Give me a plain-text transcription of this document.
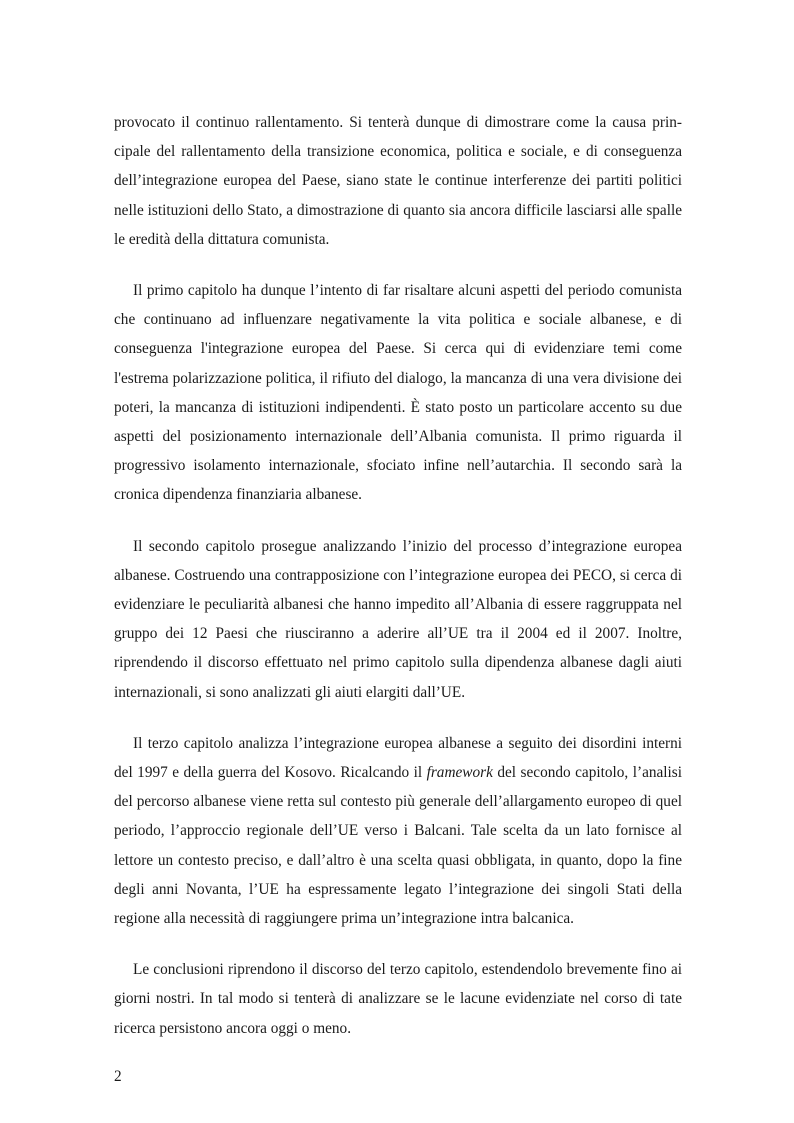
provocato il continuo rallentamento. Si tenterà dunque di dimostrare come la causa principale del rallentamento della transizione economica, politica e sociale, e di conseguenza dell’integrazione europea del Paese, siano state le continue interferenze dei partiti politici nelle istituzioni dello Stato, a dimostrazione di quanto sia ancora difficile lasciarsi alle spalle le eredità della dittatura comunista.

Il primo capitolo ha dunque l’intento di far risaltare alcuni aspetti del periodo comunista che continuano ad influenzare negativamente la vita politica e sociale albanese, e di conseguenza l'integrazione europea del Paese. Si cerca qui di evidenziare temi come l'estrema polarizzazione politica, il rifiuto del dialogo, la mancanza di una vera divisione dei poteri, la mancanza di istituzioni indipendenti. È stato posto un particolare accento su due aspetti del posizionamento internazionale dell’Albania comunista. Il primo riguarda il progressivo isolamento internazionale, sfociato infine nell’autarchia. Il secondo sarà la cronica dipendenza finanziaria albanese.

Il secondo capitolo prosegue analizzando l’inizio del processo d’integrazione europea albanese. Costruendo una contrapposizione con l’integrazione europea dei PECO, si cerca di evidenziare le peculiarità albanesi che hanno impedito all’Albania di essere raggruppata nel gruppo dei 12 Paesi che riusciranno a aderire all’UE tra il 2004 ed il 2007. Inoltre, riprendendo il discorso effettuato nel primo capitolo sulla dipendenza albanese dagli aiuti internazionali, si sono analizzati gli aiuti elargiti dall’UE.

Il terzo capitolo analizza l’integrazione europea albanese a seguito dei disordini interni del 1997 e della guerra del Kosovo. Ricalcando il framework del secondo capitolo, l’analisi del percorso albanese viene retta sul contesto più generale dell’allargamento europeo di quel periodo, l’approccio regionale dell’UE verso i Balcani. Tale scelta da un lato fornisce al lettore un contesto preciso, e dall’altro è una scelta quasi obbligata, in quanto, dopo la fine degli anni Novanta, l’UE ha espressamente legato l’integrazione dei singoli Stati della regione alla necessità di raggiungere prima un’integrazione intra balcanica.

Le conclusioni riprendono il discorso del terzo capitolo, estendendolo brevemente fino ai giorni nostri. In tal modo si tenterà di analizzare se le lacune evidenziate nel corso di tate ricerca persistono ancora oggi o meno.

2
